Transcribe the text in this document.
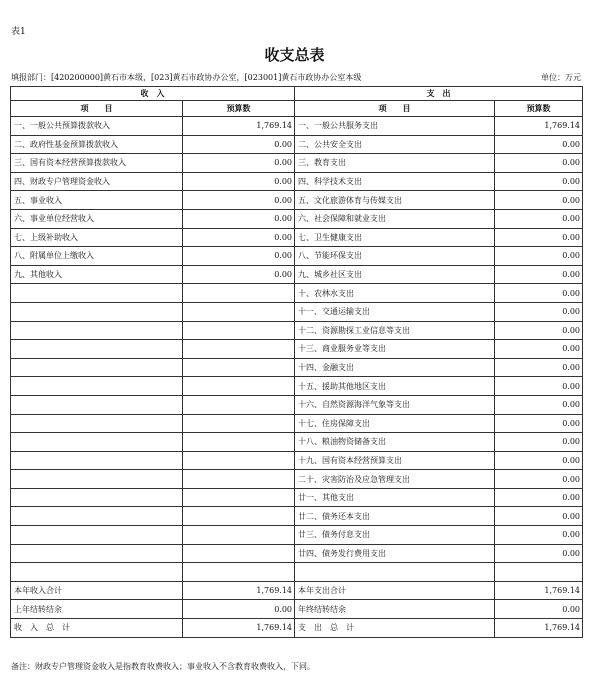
表1
收支总表
填报部门：[420200000]黄石市本级，[023]黄石市政协办公室，[023001]黄石市政协办公室本级	单位：万元
收　入		支　出	
项　　目	预算数	项　　目	预算数
一、一般公共预算拨款收入	1,769.14	一、一般公共服务支出	1,769.14
二、政府性基金预算拨款收入	0.00	二、公共安全支出	0.00
三、国有资本经营预算拨款收入	0.00	三、教育支出	0.00
四、财政专户管理资金收入	0.00	四、科学技术支出	0.00
五、事业收入	0.00	五、文化旅游体育与传媒支出	0.00
六、事业单位经营收入	0.00	六、社会保障和就业支出	0.00
七、上级补助收入	0.00	七、卫生健康支出	0.00
八、附属单位上缴收入	0.00	八、节能环保支出	0.00
九、其他收入	0.00	九、城乡社区支出	0.00
		十、农林水支出	0.00
		十一、交通运输支出	0.00
		十二、资源勘探工业信息等支出	0.00
		十三、商业服务业等支出	0.00
		十四、金融支出	0.00
		十五、援助其他地区支出	0.00
		十六、自然资源海洋气象等支出	0.00
		十七、住房保障支出	0.00
		十八、粮油物资储备支出	0.00
		十九、国有资本经营预算支出	0.00
		二十、灾害防治及应急管理支出	0.00
		廿一、其他支出	0.00
		廿二、债务还本支出	0.00
		廿三、债务付息支出	0.00
		廿四、债务发行费用支出	0.00

本年收入合计	1,769.14	本年支出合计	1,769.14
上年结转结余	0.00	年终结转结余	0.00
收　入　总　计	1,769.14	支　出　总　计	1,769.14
备注：财政专户管理资金收入是指教育收费收入；事业收入不含教育收费收入，下同。
